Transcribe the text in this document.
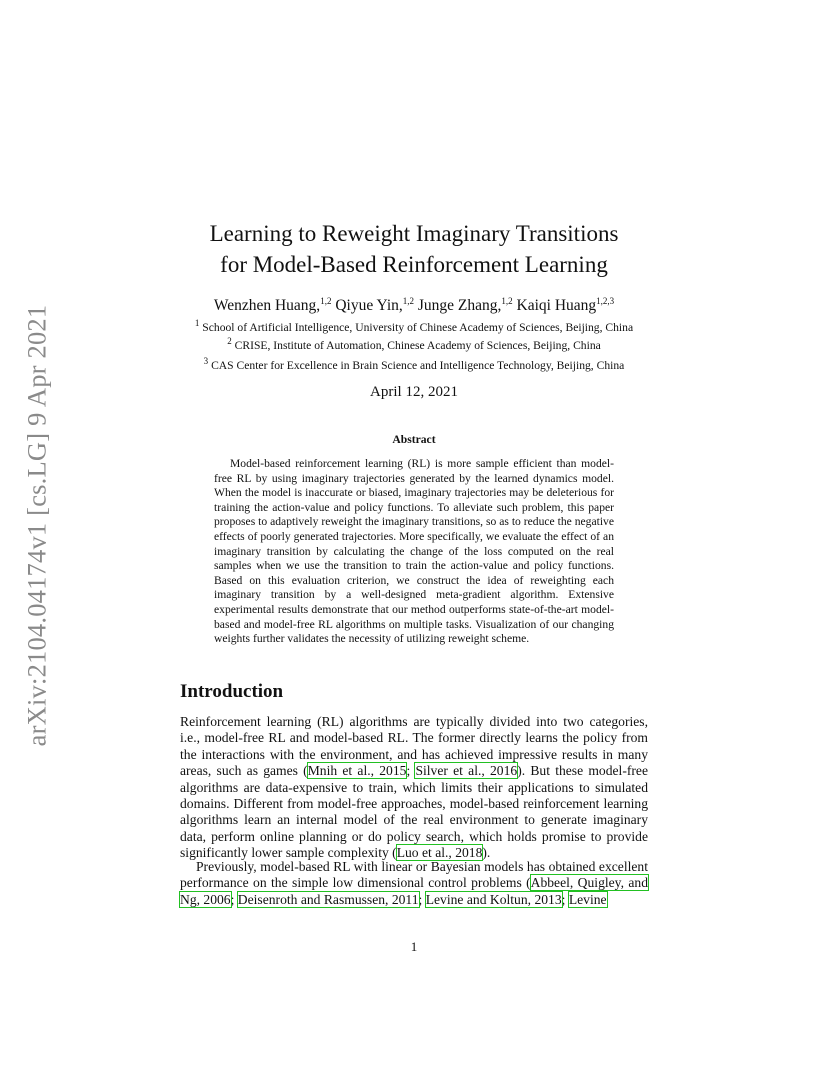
arXiv:2104.04174v1 [cs.LG] 9 Apr 2021
Learning to Reweight Imaginary Transitions
for Model-Based Reinforcement Learning
Wenzhen Huang,$^{1,2}$ Qiyue Yin,$^{1,2}$ Junge Zhang,$^{1,2}$ Kaiqi Huang$^{1,2,3}$
$^1$ School of Artificial Intelligence, University of Chinese Academy of Sciences, Beijing, China
$^2$ CRISE, Institute of Automation, Chinese Academy of Sciences, Beijing, China
$^3$ CAS Center for Excellence in Brain Science and Intelligence Technology, Beijing, China
April 12, 2021
Abstract

Model-based reinforcement learning (RL) is more sample efficient than model-free RL by using imaginary trajectories generated by the learned dynamics model. When the model is inaccurate or biased, imaginary trajectories may be deleterious for training the action-value and policy functions. To alleviate such problem, this paper proposes to adaptively reweight the imaginary transitions, so as to reduce the negative effects of poorly generated trajectories. More specifically, we evaluate the effect of an imaginary transition by calculating the change of the loss computed on the real samples when we use the transition to train the action-value and policy functions. Based on this evaluation criterion, we construct the idea of reweighting each imaginary transition by a well-designed meta-gradient algorithm. Extensive experimental results demonstrate that our method outperforms state-of-the-art model-based and model-free RL algorithms on multiple tasks. Visualization of our changing weights further validates the necessity of utilizing reweight scheme.

Introduction

Reinforcement learning (RL) algorithms are typically divided into two categories, i.e., model-free RL and model-based RL. The former directly learns the policy from the interactions with the environment, and has achieved impressive results in many areas, such as games (Mnih et al., 2015; Silver et al., 2016). But these model-free algorithms are data-expensive to train, which limits their applications to simulated domains. Different from model-free approaches, model-based reinforcement learning algorithms learn an internal model of the real environment to generate imaginary data, perform online planning or do policy search, which holds promise to provide significantly lower sample complexity (Luo et al., 2018).

Previously, model-based RL with linear or Bayesian models has obtained excellent performance on the simple low dimensional control problems (Abbeel, Quigley, and Ng, 2006; Deisenroth and Rasmussen, 2011; Levine and Koltun, 2013; Levine

1
